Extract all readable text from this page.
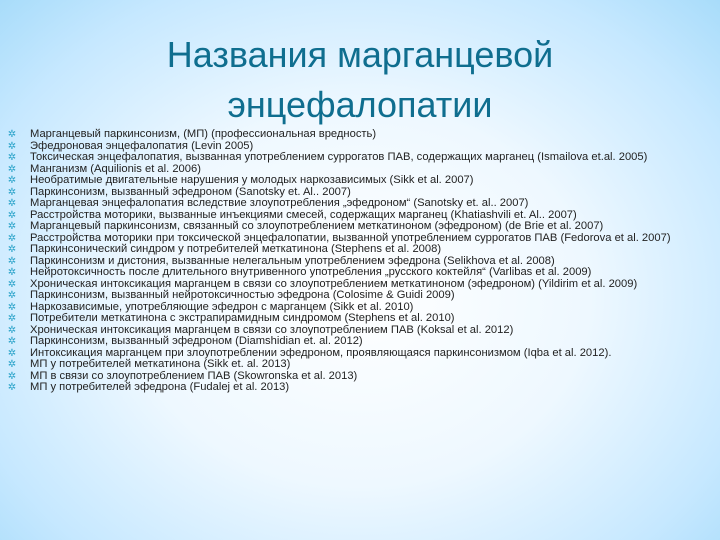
Названия марганцевой
энцефалопатии
✲ Марганцевый паркинсонизм, (МП) (профессиональная вредность)
✲ Эфедроновая энцефалопатия (Levin 2005)
✲ Токсическая энцефалопатия, вызванная употреблением суррогатов ПАВ, содержащих марганец (Ismailova et.al. 2005)
✲ Манганизм (Aquilionis et al. 2006)
✲ Необратимые двигательные нарушения у молодых наркозависимых (Sikk et al. 2007)
✲ Паркинсонизм, вызванный эфедроном (Sanotsky et. Al.. 2007)
✲ Марганцевая энцефалопатия вследствие злоупотребления „эфедроном“ (Sanotsky et. al.. 2007)
✲ Расстройства моторики, вызванные инъекциями смесей, содержащих марганец (Khatiashvili et. Al.. 2007)
✲ Марганцевый паркинсонизм, связанный со злоупотреблением меткатиноном (эфедроном) (de Brie et al. 2007)
✲ Расстройства моторики при токсической энцефалопатии, вызванной употреблением суррогатов ПАВ (Fedorova et al. 2007)
✲ Паркинсонический синдром у потребителей меткатинона (Stephens et al. 2008)
✲ Паркинсонизм и дистония, вызванные нелегальным употреблением эфедрона (Selikhova et al. 2008)
✲ Нейротоксичность после длительного внутривенного употребления „русского коктейля“ (Varlibas et al. 2009)
✲ Хроническая интоксикация марганцем в связи со злоупотреблением меткатиноном (эфедроном) (Yildirim et al. 2009)
✲ Паркинсонизм, вызванный нейротоксичностью эфедрона (Colosime & Guidi 2009)
✲ Наркозависимые, употребляющие эфедрон с марганцем (Sikk et al. 2010)
✲ Потребители меткатинона с экстрапирамидным синдромом (Stephens et al. 2010)
✲ Хроническая интоксикация марганцем в связи со злоупотреблением ПАВ (Koksal et al. 2012)
✲ Паркинсонизм, вызванный эфедроном (Diamshidian et. al. 2012)
✲ Интоксикация марганцем при злоупотреблении эфедроном, проявляющаяся паркинсонизмом (Iqba et al. 2012).
✲ МП у потребителей меткатинона (Sikk et. al. 2013)
✲ МП в связи со злоупотреблением ПАВ (Skowronska et al. 2013)
✲ МП у потребителей эфедрона (Fudalej et al. 2013)
